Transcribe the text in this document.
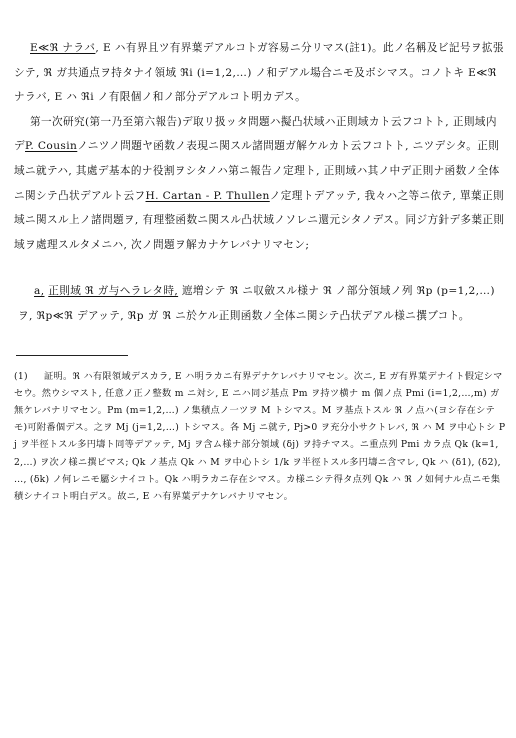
E≪ℜ ナラバ, E ハ有界且ツ有界葉デアルコトガ容易ニ分リマス(註1)。此ノ名稱及ビ記号ヲ拡張シテ, ℜ ガ共通点ヲ持タナイ領域 ℜi (i=1,2,…) ノ和デアル場合ニモ及ボシマス。コノトキ E≪ℜ ナラバ, E ハ ℜi ノ有限個ノ和ノ部分デアルコト明カデス。

第一次研究(第一乃至第六報告)デ取リ扱ッタ問題ハ擬凸状域ハ正則域カト云フコトト, 正則域内デP. Cousinノニツノ問題ヤ函数ノ表現ニ関スル諸問題ガ解ケルカト云フコトト, ニツデシタ。正則域ニ就テハ, 其處デ基本的ナ役割ヲシタノハ第ニ報告ノ定理ト, 正則域ハ其ノ中デ正則ナ函数ノ全体ニ関シテ凸状デアルト云フH. Cartan - P. Thullenノ定理トデアッテ, 我々ハ之等ニ依テ, 單葉正則域ニ関スル上ノ諸問題ヲ, 有理整函数ニ関スル凸状域ノソレニ還元シタノデス。同ジ方針デ多葉正則域ヲ處理スルタメニハ, 次ノ問題ヲ解カナケレバナリマセン;

a, 正則域 ℜ ガ与ヘラレタ時, 遮増シテ ℜ ニ収斂スル様ナ ℜ ノ部分領域ノ列 ℜp (p=1,2,…) ヲ, ℜp≪ℜ デアッテ, ℜp ガ ℜ ニ於ケル正則函数ノ全体ニ関シテ凸状デアル様ニ撰ブコト。

(1) 証明。ℜ ハ有限領域デスカラ, E ハ明ラカニ有界デナケレバナリマセン。次ニ, E ガ有界葉デナイト假定シマセウ。然ウシマスト, 任意ノ正ノ整数 m ニ対シ, E ニハ同ジ基点 Pm ヲ持ツ横ナ m 個ノ点 Pmi (i=1,2,…,m) ガ無ケレバナリマセン。Pm (m=1,2,…) ノ集積点ノ一ツヲ M トシマス。M ヲ基点トスル ℜ ノ点ハ(ヨシ存在シテモ)可附番個デス。之ヲ Mj (j=1,2,…) トシマス。各 Mj ニ就テ, Pj>0 ヲ充分小サクトレバ, ℜ ハ M ヲ中心トシ Pj ヲ半徑トスル多円壔ト同等デアッテ, Mj ヲ含ム様ナ部分領域 (δj) ヲ持チマス。ニ重点列 Pmi カラ点 Qk (k=1,2,…) ヲ次ノ様ニ撰ビマス; Qk ノ基点 Qk ハ M ヲ中心トシ 1/k ヲ半徑トスル多円壔ニ含マレ, Qk ハ (δ1), (δ2), …, (δk) ノ何レニモ屬シナイコト。Qk ハ明ラカニ存在シマス。カ様ニシテ得タ点列 Qk ハ ℜ ノ如何ナル点ニモ集積シナイコト明白デス。故ニ, E ハ有界葉デナケレバナリマセン。
